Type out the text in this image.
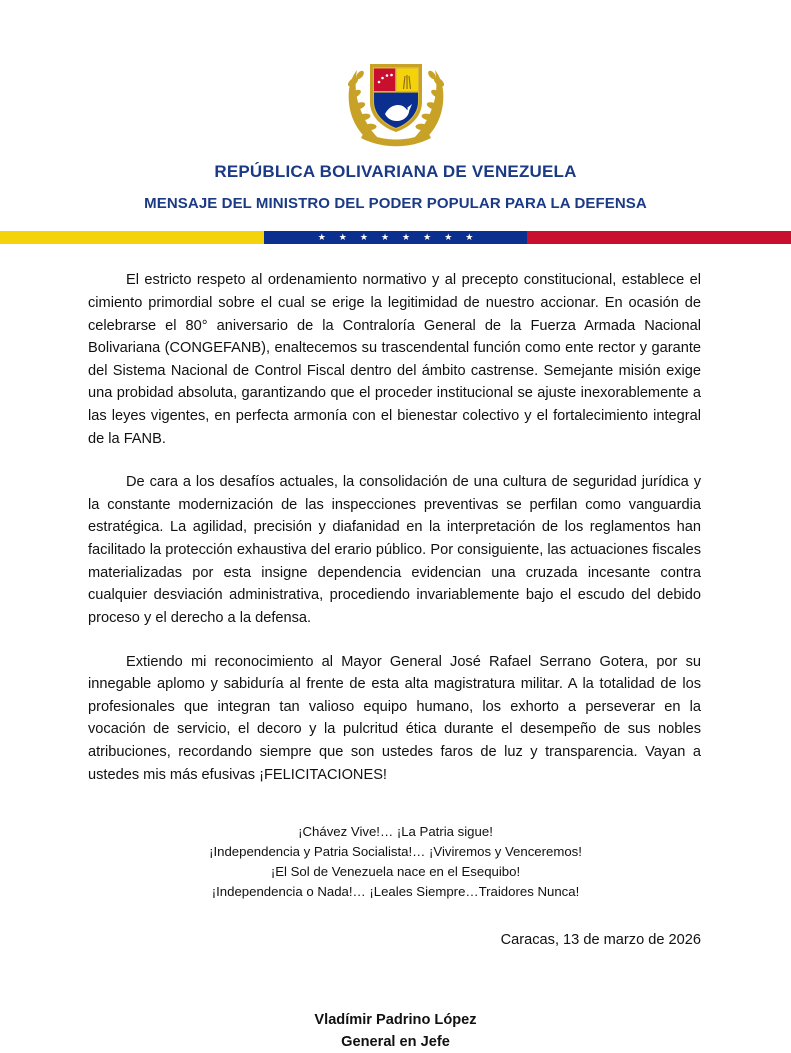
REPÚBLICA BOLIVARIANA DE VENEZUELA
MENSAJE DEL MINISTRO DEL PODER POPULAR PARA LA DEFENSA
★ ★ ★ ★ ★ ★ ★ ★

El estricto respeto al ordenamiento normativo y al precepto constitucional, establece el cimiento primordial sobre el cual se erige la legitimidad de nuestro accionar. En ocasión de celebrarse el 80° aniversario de la Contraloría General de la Fuerza Armada Nacional Bolivariana (CONGEFANB), enaltecemos su trascendental función como ente rector y garante del Sistema Nacional de Control Fiscal dentro del ámbito castrense. Semejante misión exige una probidad absoluta, garantizando que el proceder institucional se ajuste inexorablemente a las leyes vigentes, en perfecta armonía con el bienestar colectivo y el fortalecimiento integral de la FANB.

De cara a los desafíos actuales, la consolidación de una cultura de seguridad jurídica y la constante modernización de las inspecciones preventivas se perfilan como vanguardia estratégica. La agilidad, precisión y diafanidad en la interpretación de los reglamentos han facilitado la protección exhaustiva del erario público. Por consiguiente, las actuaciones fiscales materializadas por esta insigne dependencia evidencian una cruzada incesante contra cualquier desviación administrativa, procediendo invariablemente bajo el escudo del debido proceso y el derecho a la defensa.

Extiendo mi reconocimiento al Mayor General José Rafael Serrano Gotera, por su innegable aplomo y sabiduría al frente de esta alta magistratura militar. A la totalidad de los profesionales que integran tan valioso equipo humano, los exhorto a perseverar en la vocación de servicio, el decoro y la pulcritud ética durante el desempeño de sus nobles atribuciones, recordando siempre que son ustedes faros de luz y transparencia. Vayan a ustedes mis más efusivas ¡FELICITACIONES!

¡Chávez Vive!… ¡La Patria sigue!
¡Independencia y Patria Socialista!… ¡Viviremos y Venceremos!
¡El Sol de Venezuela nace en el Esequibo!
¡Independencia o Nada!… ¡Leales Siempre…Traidores Nunca!
Caracas, 13 de marzo de 2026
Vladímir Padrino López
General en Jefe
